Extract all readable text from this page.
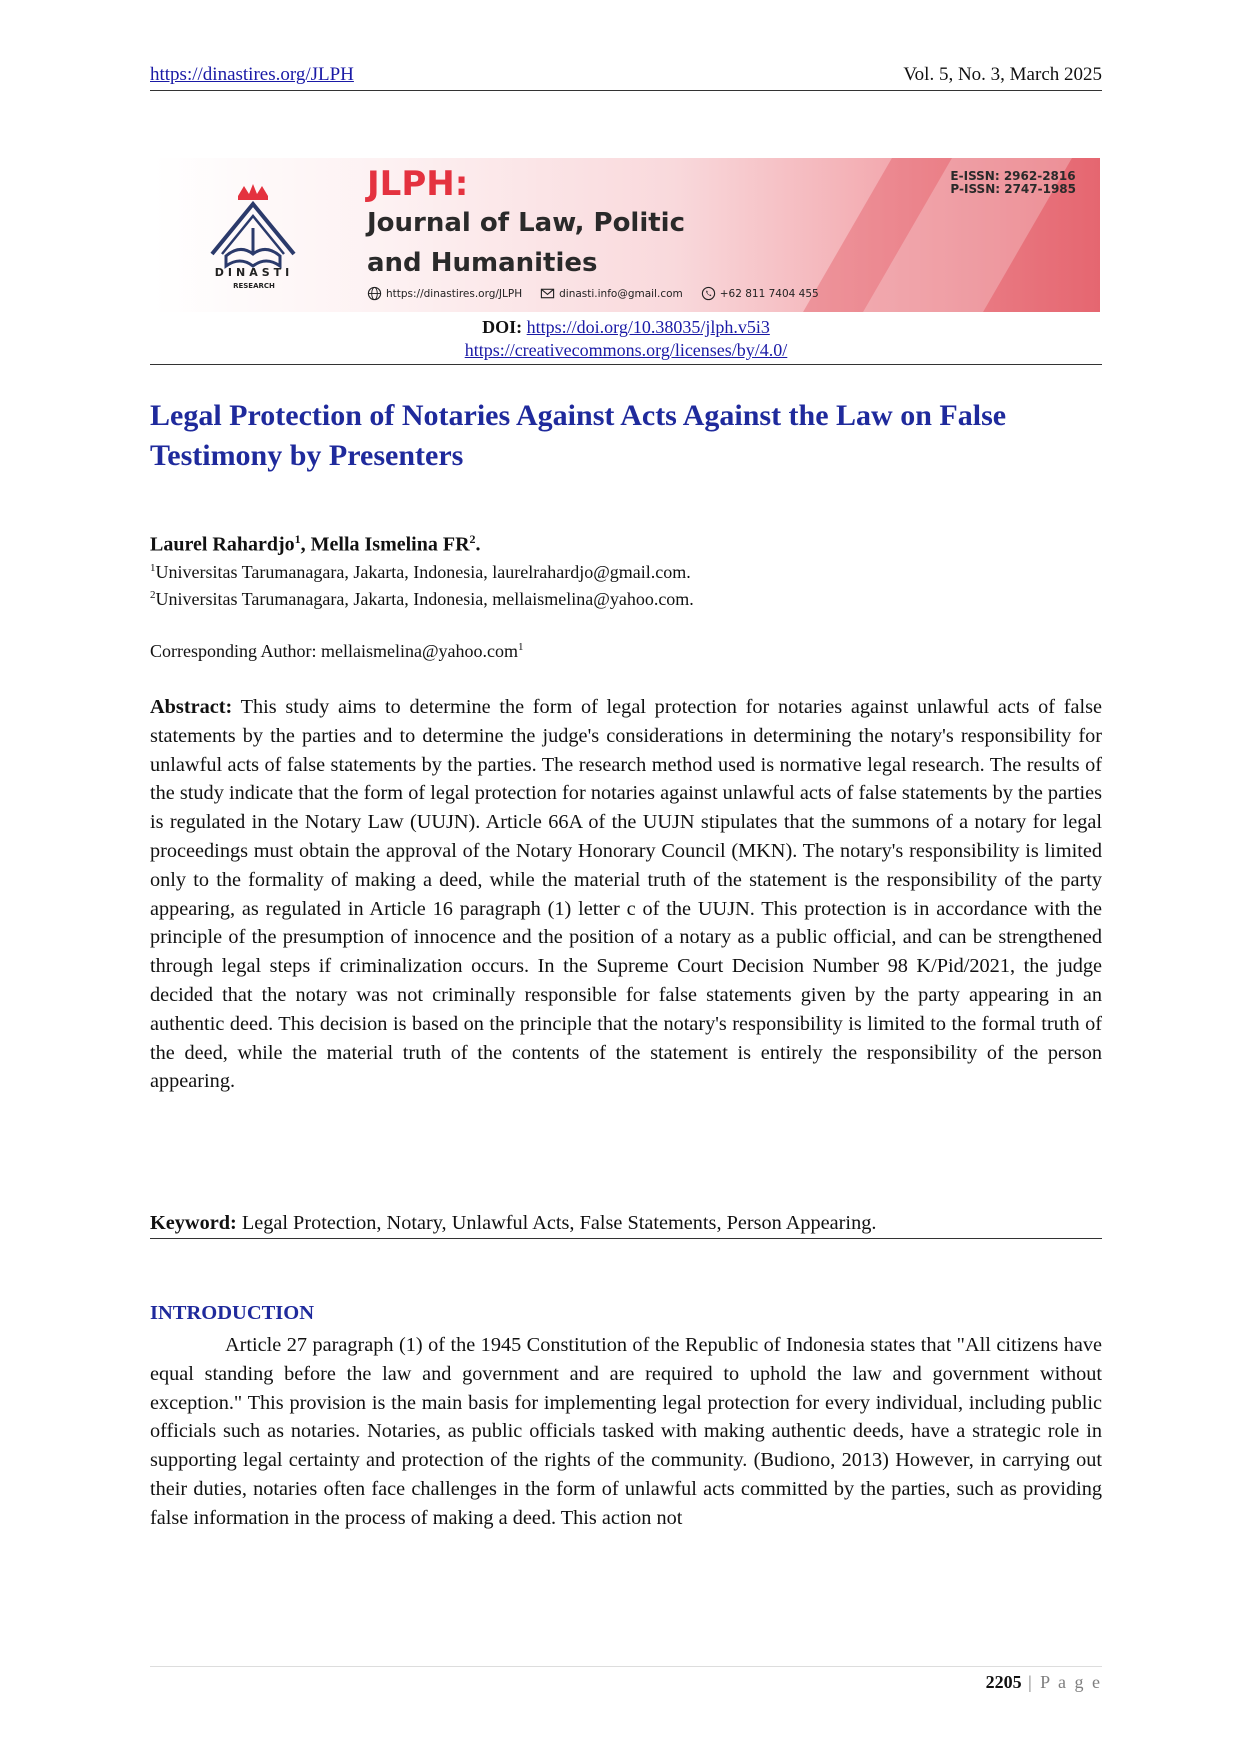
https://dinastires.org/JLPH	Vol. 5, No. 3, March 2025
DINASTI
RESEARCH
JLPH:
Journal of Law, Politic
and Humanities
E-ISSN: 2962-2816
P-ISSN: 2747-1985
https://dinastires.org/JLPH	dinasti.info@gmail.com	+62 811 7404 455
DOI: https://doi.org/10.38035/jlph.v5i3
https://creativecommons.org/licenses/by/4.0/
Legal Protection of Notaries Against Acts Against the Law on False Testimony by Presenters
Laurel Rahardjo$^1$, Mella Ismelina $FR^2$.
$^1$Universitas Tarumanagara, Jakarta, Indonesia, laurelrahardjo@gmail.com.
$^2$Universitas Tarumanagara, Jakarta, Indonesia, mellaismelina@yahoo.com.
Corresponding Author: mellaismelina@yahoo.com$^1$

Abstract: This study aims to determine the form of legal protection for notaries against unlawful acts of false statements by the parties and to determine the judge's considerations in determining the notary's responsibility for unlawful acts of false statements by the parties. The research method used is normative legal research. The results of the study indicate that the form of legal protection for notaries against unlawful acts of false statements by the parties is regulated in the Notary Law (UUJN). Article 66A of the UUJN stipulates that the summons of a notary for legal proceedings must obtain the approval of the Notary Honorary Council (MKN). The notary's responsibility is limited only to the formality of making a deed, while the material truth of the statement is the responsibility of the party appearing, as regulated in Article 16 paragraph (1) letter c of the UUJN. This protection is in accordance with the principle of the presumption of innocence and the position of a notary as a public official, and can be strengthened through legal steps if criminalization occurs. In the Supreme Court Decision Number 98 K/Pid/2021, the judge decided that the notary was not criminally responsible for false statements given by the party appearing in an authentic deed. This decision is based on the principle that the notary's responsibility is limited to the formal truth of the deed, while the material truth of the contents of the statement is entirely the responsibility of the person appearing.

Keyword: Legal Protection, Notary, Unlawful Acts, False Statements, Person Appearing.
INTRODUCTION

Article 27 paragraph (1) of the 1945 Constitution of the Republic of Indonesia states that "All citizens have equal standing before the law and government and are required to uphold the law and government without exception." This provision is the main basis for implementing legal protection for every individual, including public officials such as notaries. Notaries, as public officials tasked with making authentic deeds, have a strategic role in supporting legal certainty and protection of the rights of the community. (Budiono, 2013) However, in carrying out their duties, notaries often face challenges in the form of unlawful acts committed by the parties, such as providing false information in the process of making a deed. This action not

2205 | P a g e
